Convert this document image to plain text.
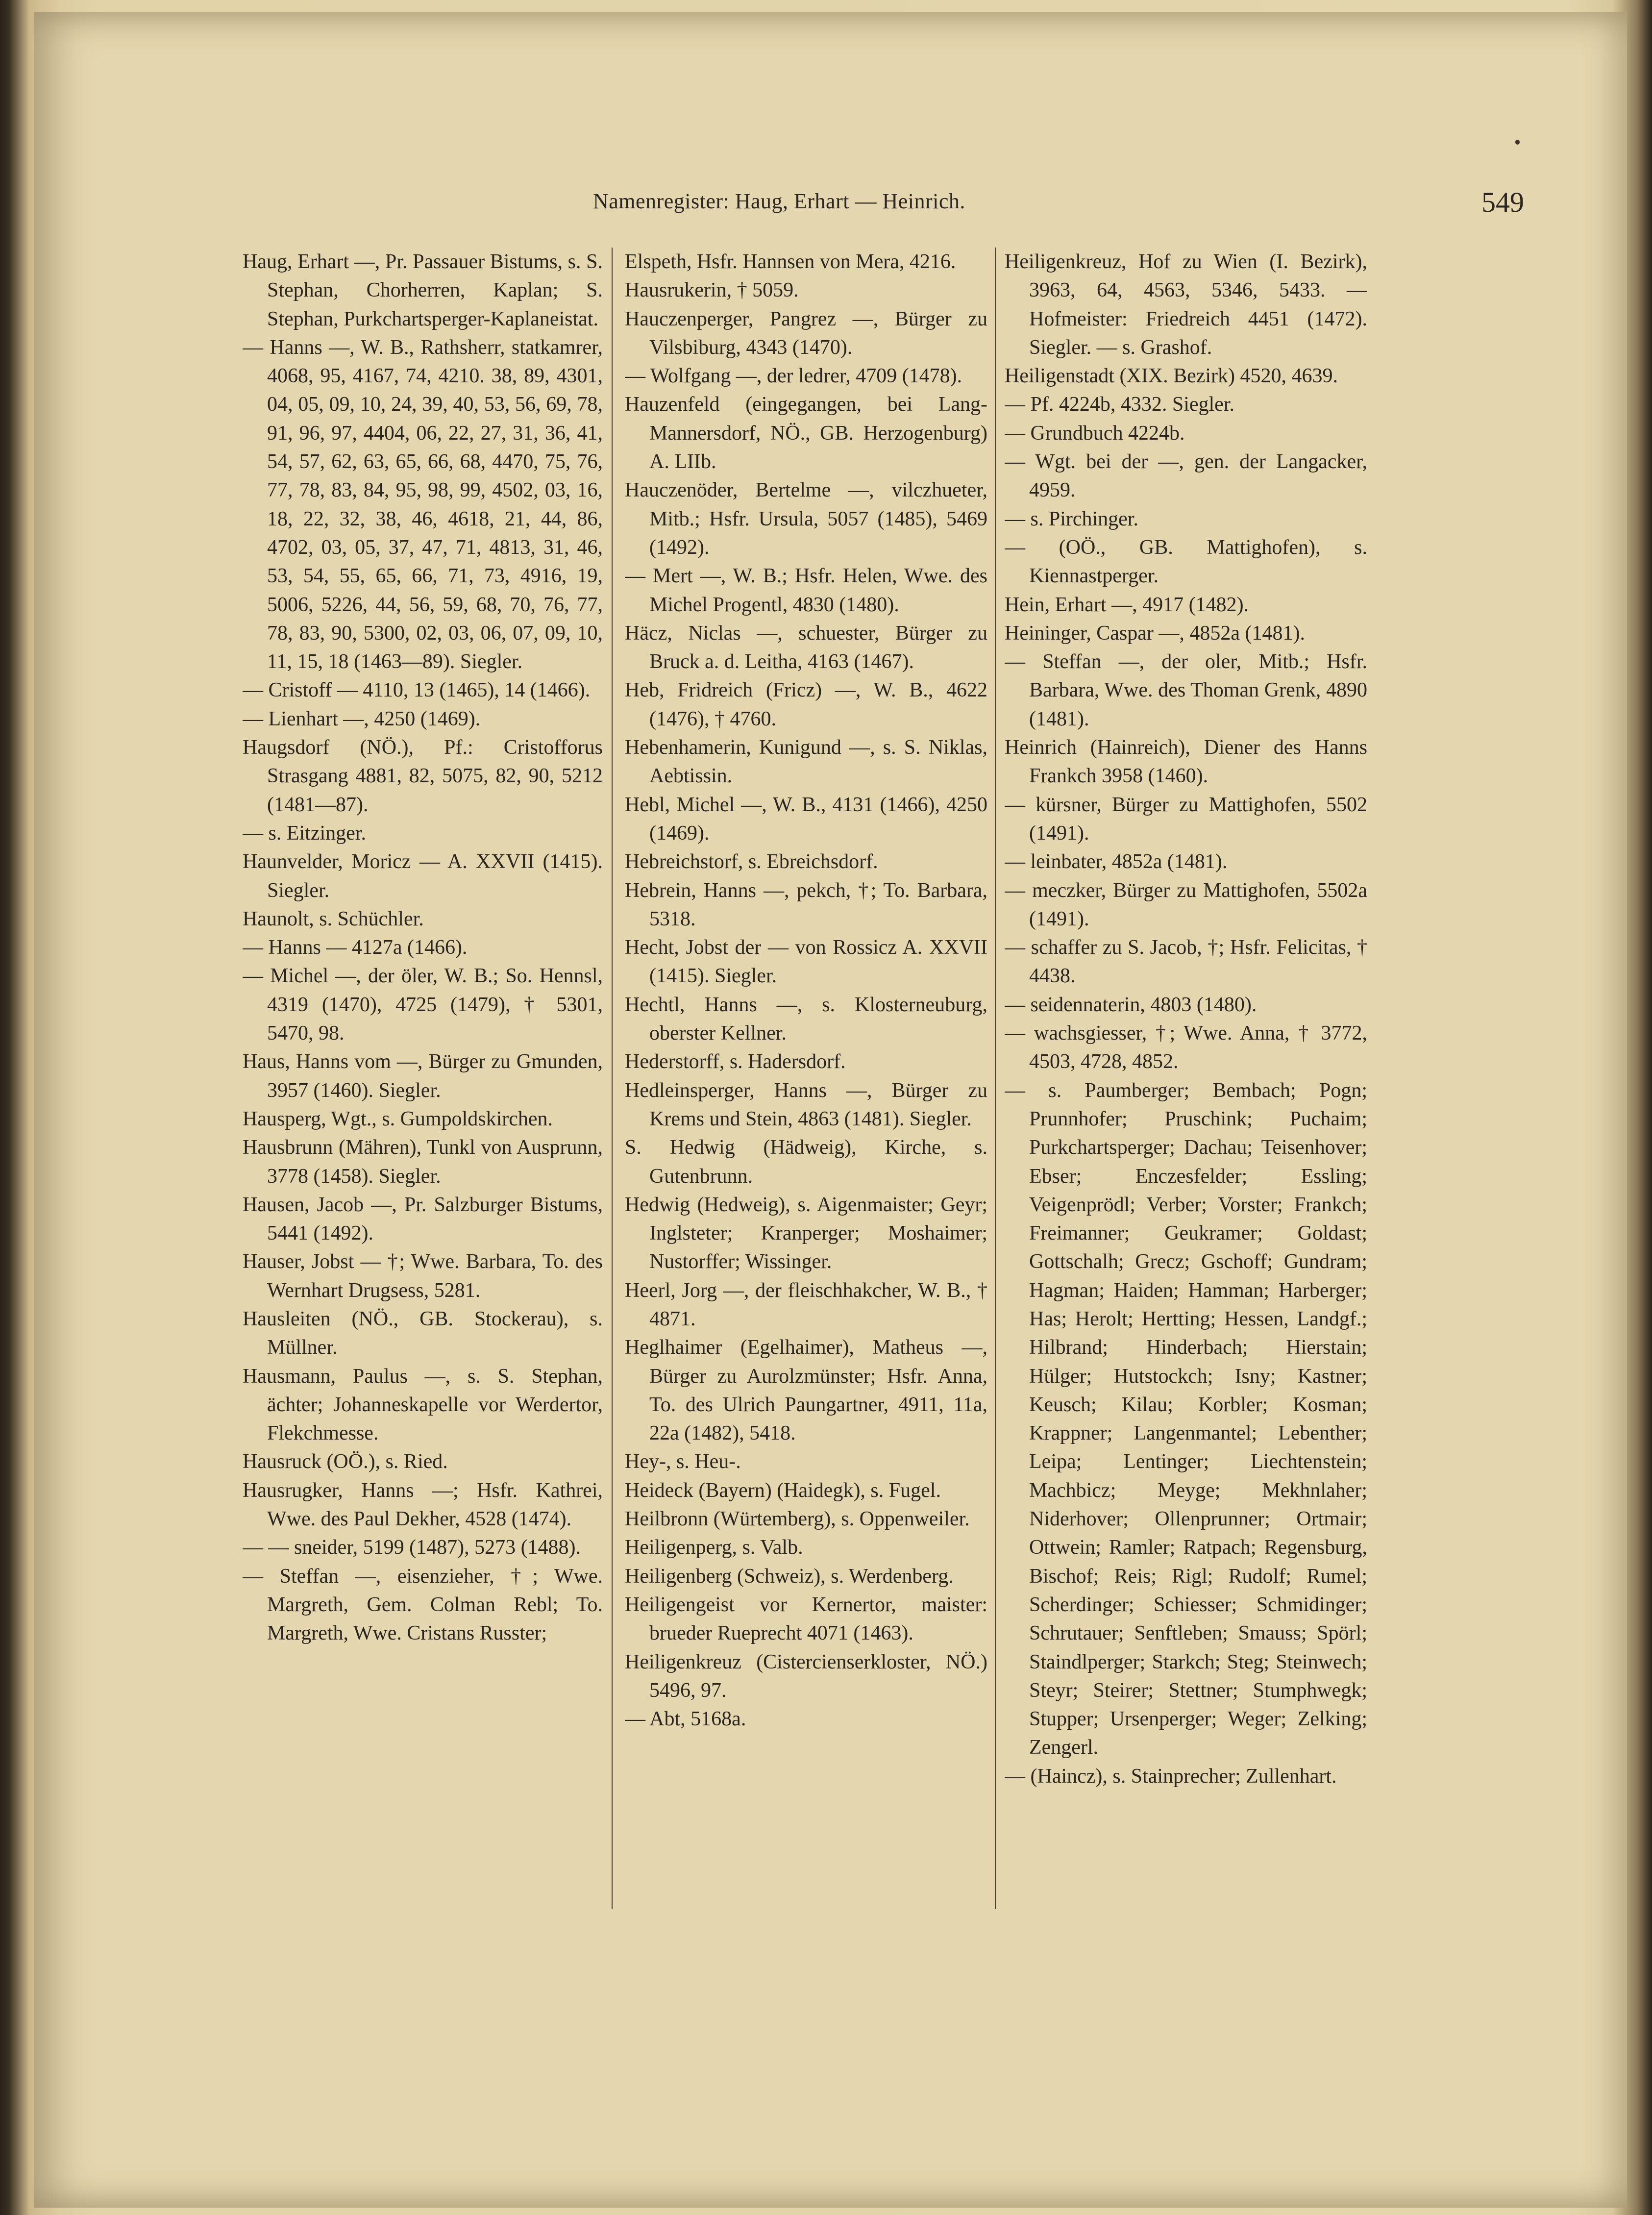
Namenregister: Haug, Erhart — Heinrich.	549

Haug, Erhart —, Pr. Passauer Bistums, s. S. Stephan, Chorherren, Kaplan; S. Stephan, Purkchartsperger-Kaplaneistat.

— Hanns —, W. B., Rathsherr, statkamrer, 4068, 95, 4167, 74, 4210. 38, 89, 4301, 04, 05, 09, 10, 24, 39, 40, 53, 56, 69, 78, 91, 96, 97, 4404, 06, 22, 27, 31, 36, 41, 54, 57, 62, 63, 65, 66, 68, 4470, 75, 76, 77, 78, 83, 84, 95, 98, 99, 4502, 03, 16, 18, 22, 32, 38, 46, 4618, 21, 44, 86, 4702, 03, 05, 37, 47, 71, 4813, 31, 46, 53, 54, 55, 65, 66, 71, 73, 4916, 19, 5006, 5226, 44, 56, 59, 68, 70, 76, 77, 78, 83, 90, 5300, 02, 03, 06, 07, 09, 10, 11, 15, 18 (1463—89). Siegler.

— Cristoff — 4110, 13 (1465), 14 (1466).

— Lienhart —, 4250 (1469).

Haugsdorf (NÖ.), Pf.: Cristofforus Strasgang 4881, 82, 5075, 82, 90, 5212 (1481—87).

— s. Eitzinger.

Haunvelder, Moricz — A. XXVII (1415). Siegler.

Haunolt, s. Schüchler.

— Hanns — 4127a (1466).

— Michel —, der öler, W. B.; So. Hennsl, 4319 (1470), 4725 (1479), † 5301, 5470, 98.

Haus, Hanns vom —, Bürger zu Gmunden, 3957 (1460). Siegler.

Hausperg, Wgt., s. Gumpoldskirchen.

Hausbrunn (Mähren), Tunkl von Ausprunn, 3778 (1458). Siegler.

Hausen, Jacob —, Pr. Salzburger Bistums, 5441 (1492).

Hauser, Jobst — †; Wwe. Barbara, To. des Wernhart Drugsess, 5281.

Hausleiten (NÖ., GB. Stockerau), s. Müllner.

Hausmann, Paulus —, s. S. Stephan, ächter; Johanneskapelle vor Werdertor, Flekchmesse.

Hausruck (OÖ.), s. Ried.

Hausrugker, Hanns —; Hsfr. Kathrei, Wwe. des Paul Dekher, 4528 (1474).

— — sneider, 5199 (1487), 5273 (1488).

— Steffan —, eisenzieher, †; Wwe. Margreth, Gem. Colman Rebl; To. Margreth, Wwe. Cristans Russter;

Elspeth, Hsfr. Hannsen von Mera, 4216.

Hausrukerin, † 5059.

Hauczenperger, Pangrez —, Bürger zu Vilsbiburg, 4343 (1470).

— Wolfgang —, der ledrer, 4709 (1478).

Hauzenfeld (eingegangen, bei Lang-Mannersdorf, NÖ., GB. Herzogenburg) A. LIIb.

Hauczenöder, Bertelme —, vilczhueter, Mitb.; Hsfr. Ursula, 5057 (1485), 5469 (1492).

— Mert —, W. B.; Hsfr. Helen, Wwe. des Michel Progentl, 4830 (1480).

Häcz, Niclas —, schuester, Bürger zu Bruck a. d. Leitha, 4163 (1467).

Heb, Fridreich (Fricz) —, W. B., 4622 (1476), † 4760.

Hebenhamerin, Kunigund —, s. S. Niklas, Aebtissin.

Hebl, Michel —, W. B., 4131 (1466), 4250 (1469).

Hebreichstorf, s. Ebreichsdorf.

Hebrein, Hanns —, pekch, †; To. Barbara, 5318.

Hecht, Jobst der — von Rossicz A. XXVII (1415). Siegler.

Hechtl, Hanns —, s. Klosterneuburg, oberster Kellner.

Hederstorff, s. Hadersdorf.

Hedleinsperger, Hanns —, Bürger zu Krems und Stein, 4863 (1481). Siegler.

S. Hedwig (Hädweig), Kirche, s. Gutenbrunn.

Hedwig (Hedweig), s. Aigenmaister; Geyr; Inglsteter; Kranperger; Moshaimer; Nustorffer; Wissinger.

Heerl, Jorg —, der fleischhakcher, W. B., † 4871.

Heglhaimer (Egelhaimer), Matheus —, Bürger zu Aurolzmünster; Hsfr. Anna, To. des Ulrich Paungartner, 4911, 11a, 22a (1482), 5418.

Hey-, s. Heu-.

Heideck (Bayern) (Haidegk), s. Fugel.

Heilbronn (Würtemberg), s. Oppenweiler.

Heiligenperg, s. Valb.

Heiligenberg (Schweiz), s. Werdenberg.

Heiligengeist vor Kernertor, maister: brueder Rueprecht 4071 (1463).

Heiligenkreuz (Cistercienserkloster, NÖ.) 5496, 97.

— Abt, 5168a.

Heiligenkreuz, Hof zu Wien (I. Bezirk), 3963, 64, 4563, 5346, 5433. — Hofmeister: Friedreich 4451 (1472). Siegler. — s. Grashof.

Heiligenstadt (XIX. Bezirk) 4520, 4639.

— Pf. 4224b, 4332. Siegler.

— Grundbuch 4224b.

— Wgt. bei der —, gen. der Langacker, 4959.

— s. Pirchinger.

— (OÖ., GB. Mattighofen), s. Kiennastperger.

Hein, Erhart —, 4917 (1482).

Heininger, Caspar —, 4852a (1481).

— Steffan —, der oler, Mitb.; Hsfr. Barbara, Wwe. des Thoman Grenk, 4890 (1481).

Heinrich (Hainreich), Diener des Hanns Frankch 3958 (1460).

— kürsner, Bürger zu Mattighofen, 5502 (1491).

— leinbater, 4852a (1481).

— meczker, Bürger zu Mattighofen, 5502a (1491).

— schaffer zu S. Jacob, †; Hsfr. Felicitas, † 4438.

— seidennaterin, 4803 (1480).

— wachsgiesser, †; Wwe. Anna, † 3772, 4503, 4728, 4852.

— s. Paumberger; Bembach; Pogn; Prunnhofer; Pruschink; Puchaim; Purkchartsperger; Dachau; Teisenhover; Ebser; Enczesfelder; Essling; Veigenprödl; Verber; Vorster; Frankch; Freimanner; Geukramer; Goldast; Gottschalh; Grecz; Gschoff; Gundram; Hagman; Haiden; Hamman; Harberger; Has; Herolt; Hertting; Hessen, Landgf.; Hilbrand; Hinderbach; Hierstain; Hülger; Hutstockch; Isny; Kastner; Keusch; Kilau; Korbler; Kosman; Krappner; Langenmantel; Lebenther; Leipa; Lentinger; Liechtenstein; Machbicz; Meyge; Mekhnlaher; Niderhover; Ollenprunner; Ortmair; Ottwein; Ramler; Ratpach; Regensburg, Bischof; Reis; Rigl; Rudolf; Rumel; Scherdinger; Schiesser; Schmidinger; Schrutauer; Senftleben; Smauss; Spörl; Staindlperger; Starkch; Steg; Steinwech; Steyr; Steirer; Stettner; Stumphwegk; Stupper; Ursenperger; Weger; Zelking; Zengerl.

— (Haincz), s. Stainprecher; Zullenhart.
